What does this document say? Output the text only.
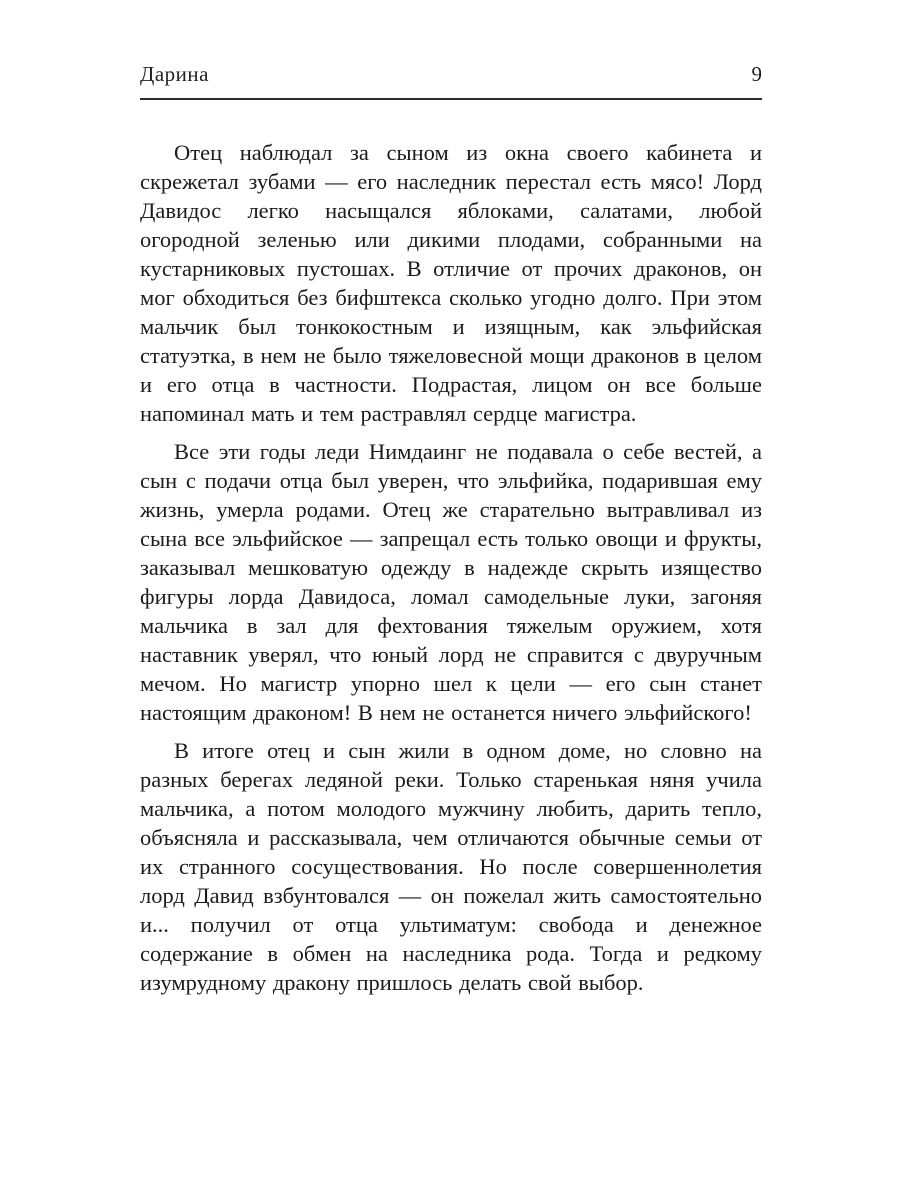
Дарина	9

Отец наблюдал за сыном из окна своего кабинета и скрежетал зубами — его наследник перестал есть мясо! Лорд Давидос легко насыщался яблоками, салатами, любой огородной зеленью или дикими плодами, собранными на кустарниковых пустошах. В отличие от прочих драконов, он мог обходиться без бифштекса сколько угодно долго. При этом мальчик был тонкокостным и изящным, как эльфийская статуэтка, в нем не было тяжеловесной мощи драконов в целом и его отца в частности. Подрастая, лицом он все больше напоминал мать и тем растравлял сердце магистра.

Все эти годы леди Нимдаинг не подавала о себе вестей, а сын с подачи отца был уверен, что эльфийка, подарившая ему жизнь, умерла родами. Отец же старательно вытравливал из сына все эльфийское — запрещал есть только овощи и фрукты, заказывал мешковатую одежду в надежде скрыть изящество фигуры лорда Давидоса, ломал самодельные луки, загоняя мальчика в зал для фехтования тяжелым оружием, хотя наставник уверял, что юный лорд не справится с двуручным мечом. Но магистр упорно шел к цели — его сын станет настоящим драконом! В нем не останется ничего эльфийского!

В итоге отец и сын жили в одном доме, но словно на разных берегах ледяной реки. Только старенькая няня учила мальчика, а потом молодого мужчину любить, дарить тепло, объясняла и рассказывала, чем отличаются обычные семьи от их странного сосуществования. Но после совершеннолетия лорд Давид взбунтовался — он пожелал жить самостоятельно и... получил от отца ультиматум: свобода и денежное содержание в обмен на наследника рода. Тогда и редкому изумрудному дракону пришлось делать свой выбор.
